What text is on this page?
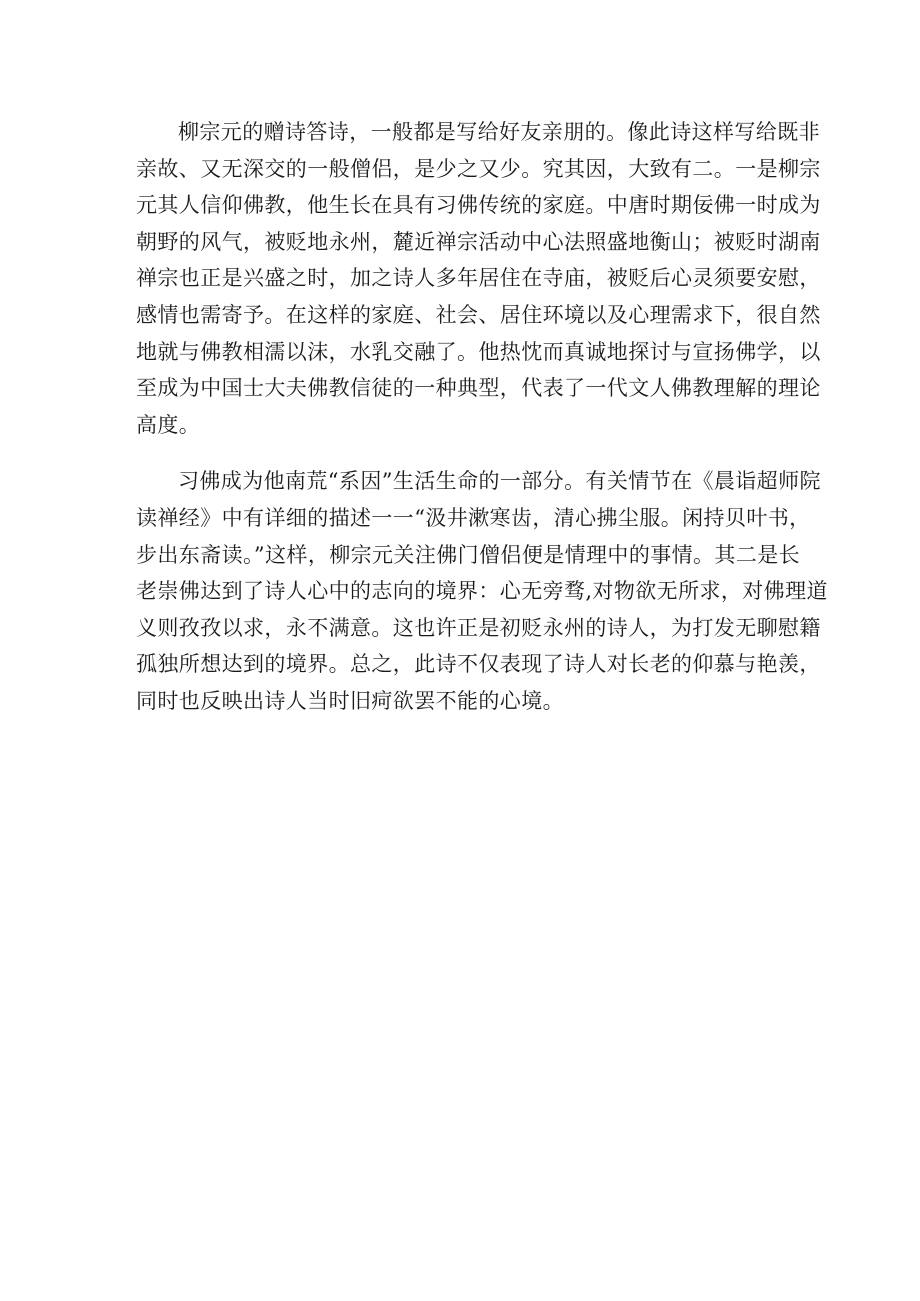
柳宗元的赠诗答诗，一般都是写给好友亲朋的。像此诗这样写给既非
亲故、又无深交的一般僧侣，是少之又少。究其因，大致有二。一是柳宗
元其人信仰佛教，他生长在具有习佛传统的家庭。中唐时期佞佛一时成为
朝野的风气，被贬地永州，麓近禅宗活动中心法照盛地衡山；被贬时湖南
禅宗也正是兴盛之时，加之诗人多年居住在寺庙，被贬后心灵须要安慰，
感情也需寄予。在这样的家庭、社会、居住环境以及心理需求下，很自然
地就与佛教相濡以沫，水乳交融了。他热忱而真诚地探讨与宣扬佛学，以
至成为中国士大夫佛教信徒的一种典型，代表了一代文人佛教理解的理论
高度。

习佛成为他南荒“系因”生活生命的一部分。有关情节在《晨诣超师院
读禅经》中有详细的描述一一“汲井漱寒齿，清心拂尘服。闲持贝叶书，
步出东斋读。”这样，柳宗元关注佛门僧侣便是情理中的事情。其二是长
老崇佛达到了诗人心中的志向的境界：心无旁骛,对物欲无所求，对佛理道
义则孜孜以求，永不满意。这也许正是初贬永州的诗人，为打发无聊慰籍
孤独所想达到的境界。总之，此诗不仅表现了诗人对长老的仰慕与艳羡，
同时也反映出诗人当时旧疴欲罢不能的心境。
